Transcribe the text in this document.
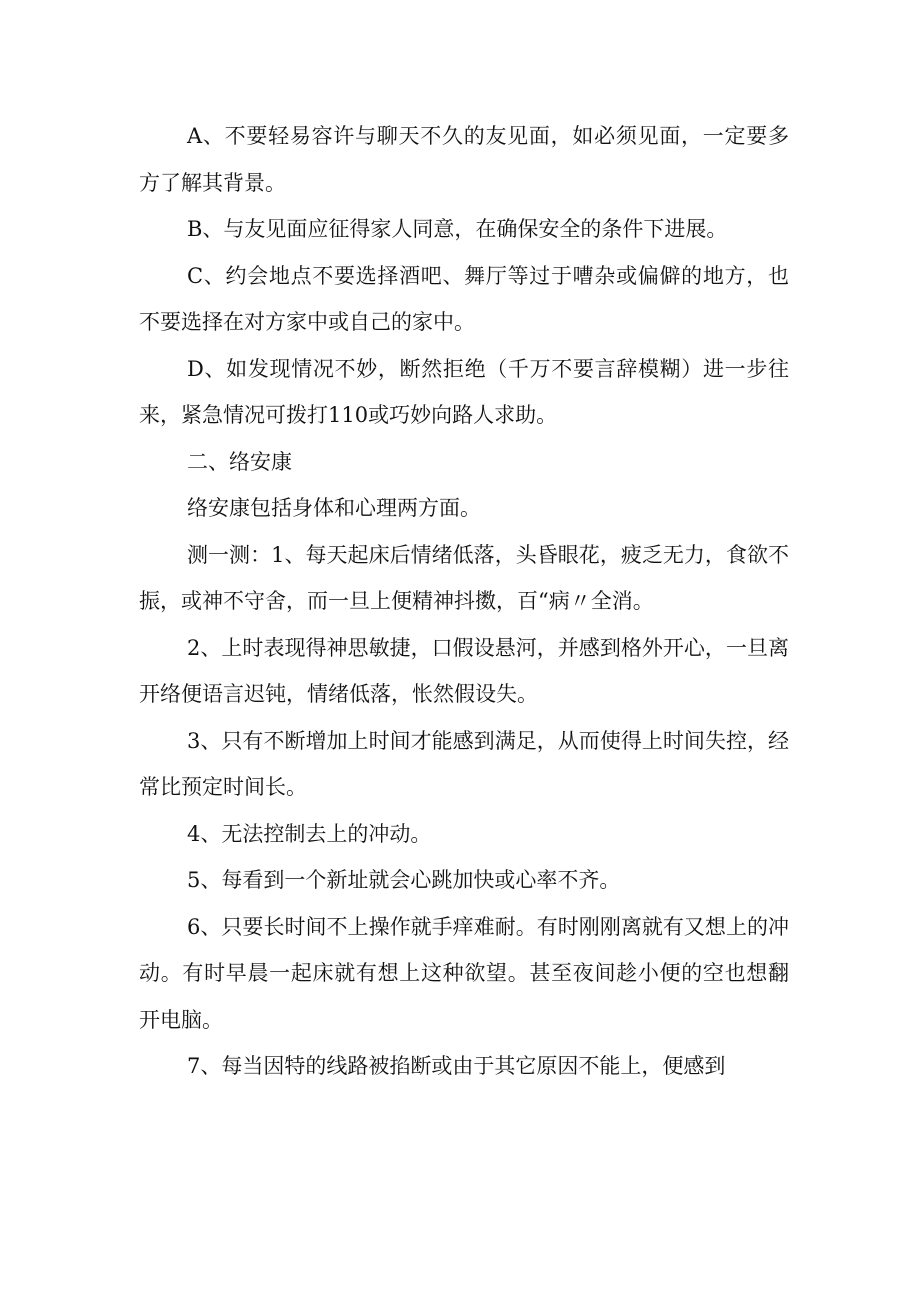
A、不要轻易容许与聊天不久的友见面，如必须见面，一定要多方了解其背景。

B、与友见面应征得家人同意，在确保安全的条件下进展。

C、约会地点不要选择酒吧、舞厅等过于嘈杂或偏僻的地方，也不要选择在对方家中或自己的家中。

D、如发现情况不妙，断然拒绝（千万不要言辞模糊）进一步往来，紧急情况可拨打110或巧妙向路人求助。

二、络安康

络安康包括身体和心理两方面。

测一测：1、每天起床后情绪低落，头昏眼花，疲乏无力，食欲不振，或神不守舍，而一旦上便精神抖擞，百“病〃全消。

2、上时表现得神思敏捷，口假设悬河，并感到格外开心，一旦离开络便语言迟钝，情绪低落，怅然假设失。

3、只有不断增加上时间才能感到满足，从而使得上时间失控，经常比预定时间长。

4、无法控制去上的冲动。

5、每看到一个新址就会心跳加快或心率不齐。

6、只要长时间不上操作就手痒难耐。有时刚刚离就有又想上的冲动。有时早晨一起床就有想上这种欲望。甚至夜间趁小便的空也想翻开电脑。

7、每当因特的线路被掐断或由于其它原因不能上，便感到
